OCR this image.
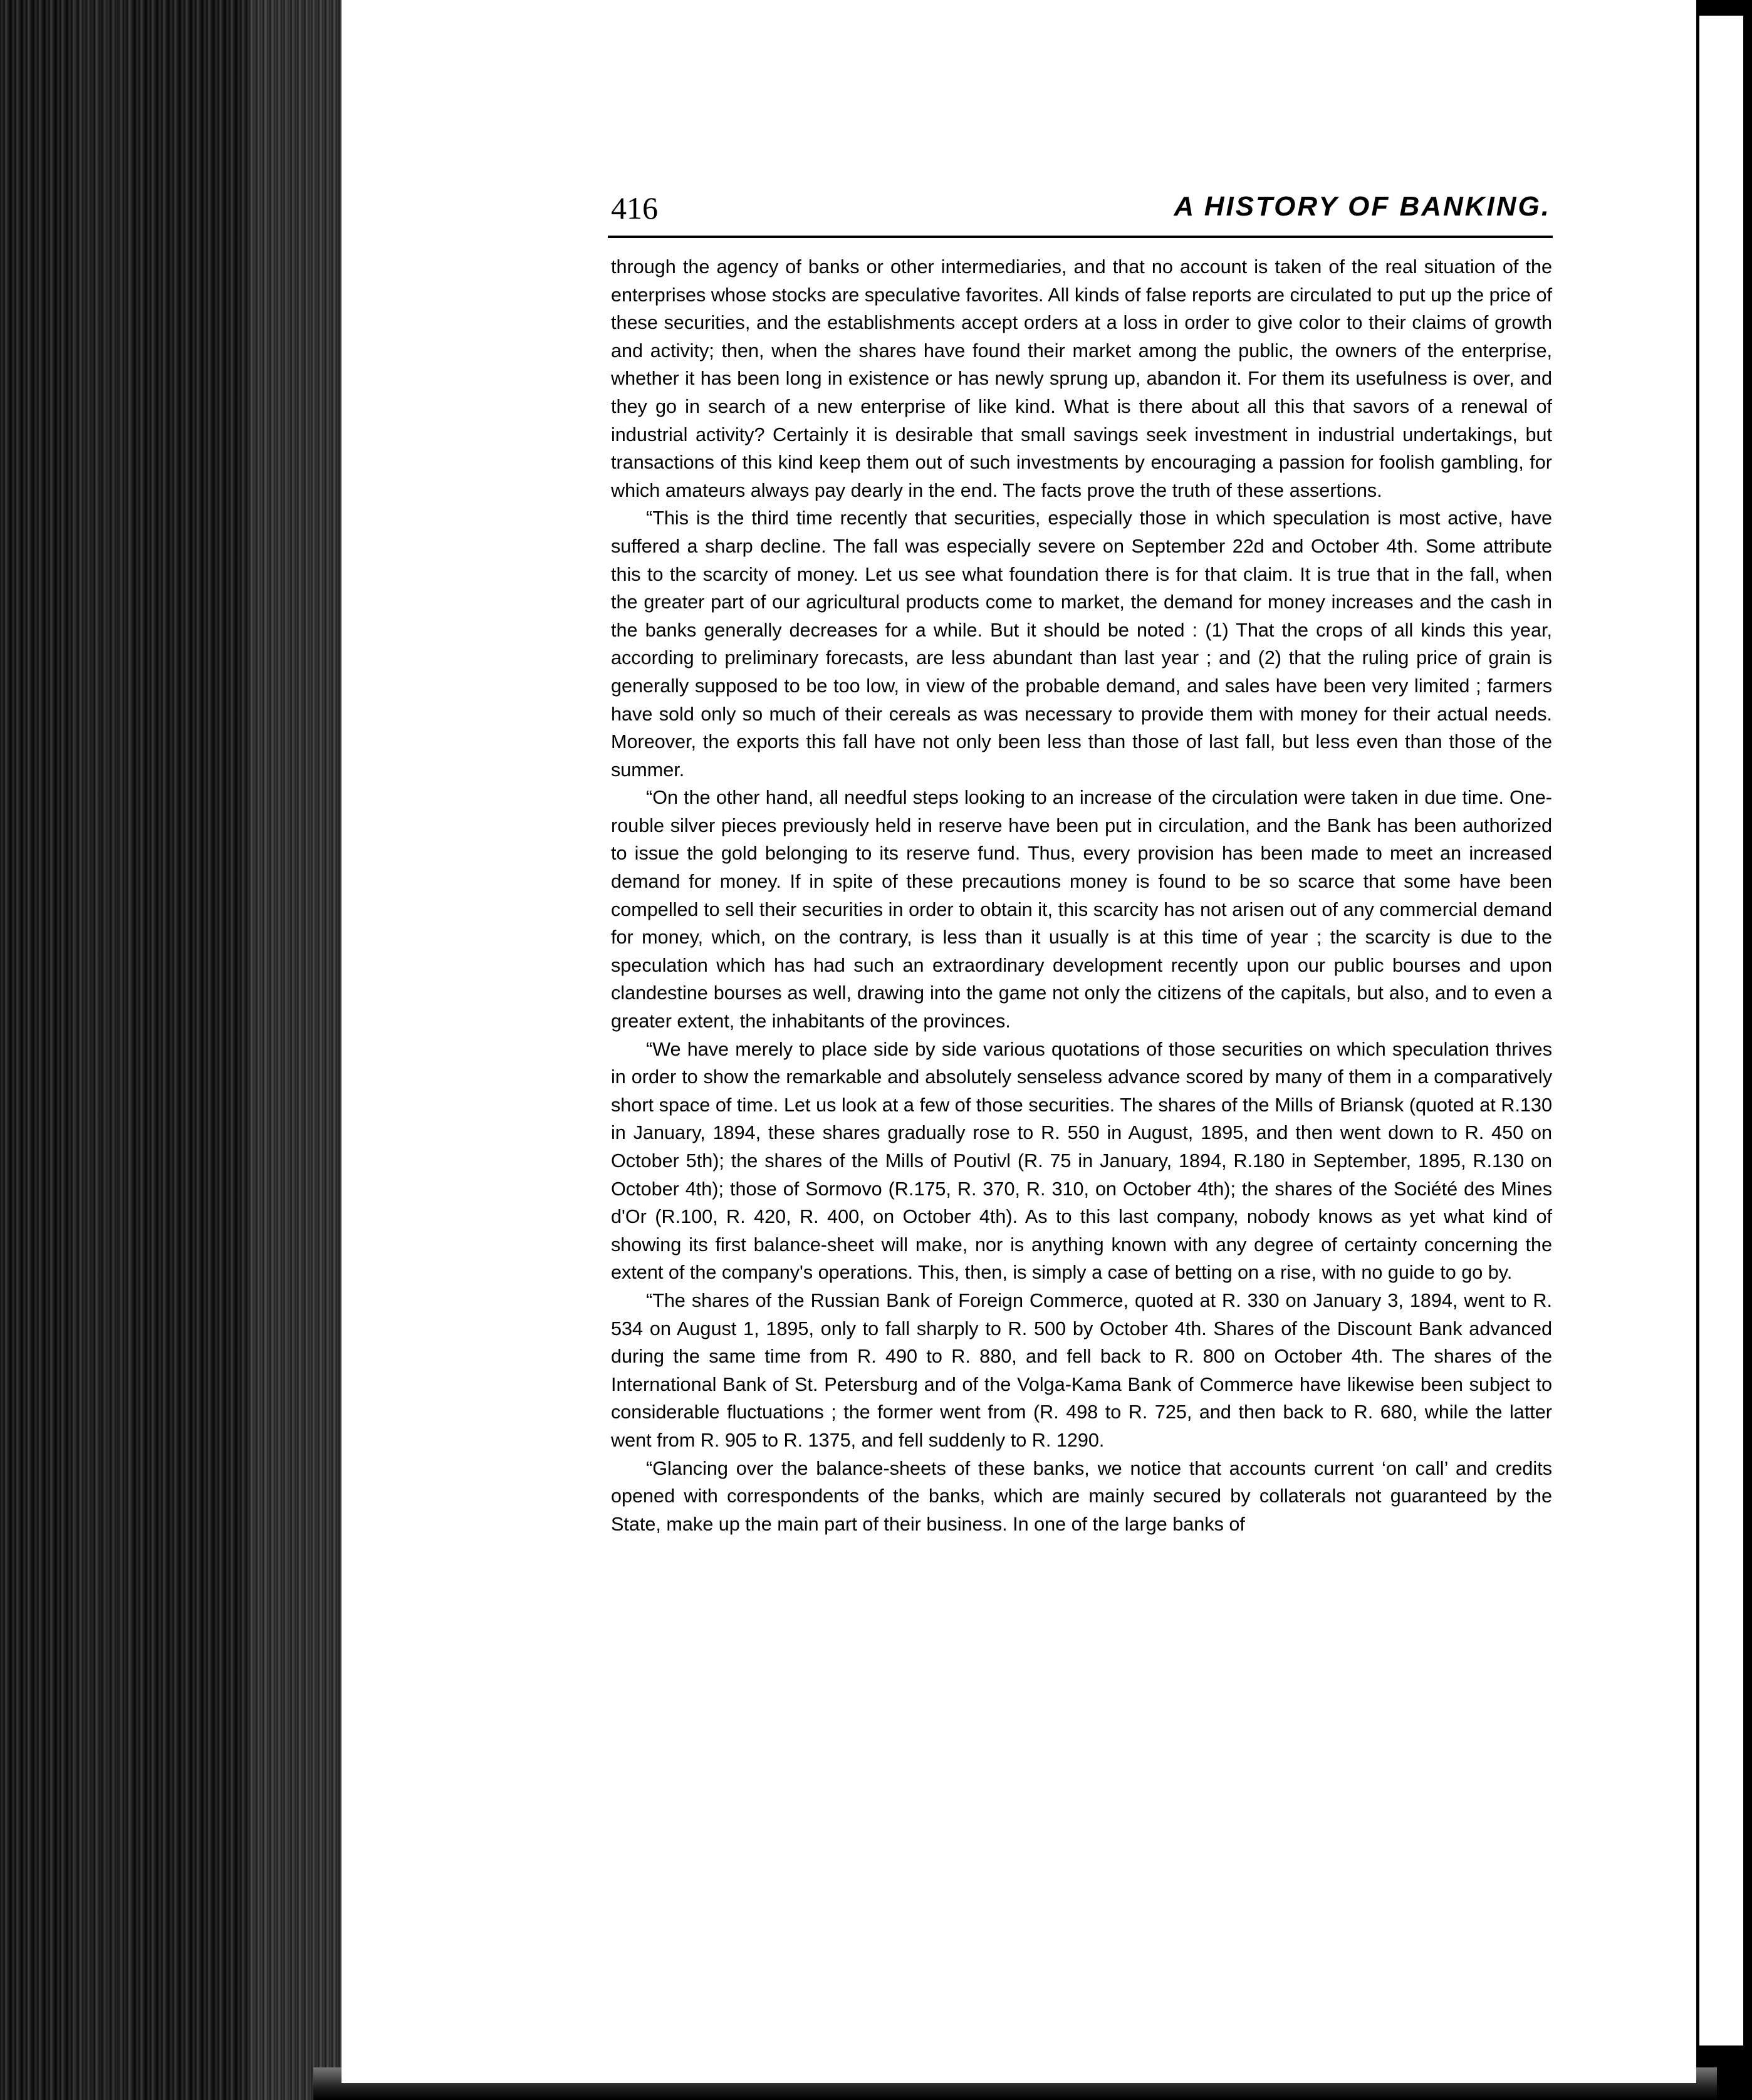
416	A HISTORY OF BANKING.

through the agency of banks or other intermediaries, and that no account is taken of the real situation of the enterprises whose stocks are speculative favorites. All kinds of false reports are circulated to put up the price of these securities, and the establishments accept orders at a loss in order to give color to their claims of growth and activity; then, when the shares have found their market among the public, the owners of the enterprise, whether it has been long in existence or has newly sprung up, abandon it. For them its usefulness is over, and they go in search of a new enterprise of like kind. What is there about all this that savors of a renewal of industrial activity? Certainly it is desirable that small savings seek investment in industrial undertakings, but transactions of this kind keep them out of such investments by encouraging a passion for foolish gambling, for which amateurs always pay dearly in the end. The facts prove the truth of these assertions.

“This is the third time recently that securities, especially those in which speculation is most active, have suffered a sharp decline. The fall was especially severe on September 22d and October 4th. Some attribute this to the scarcity of money. Let us see what foundation there is for that claim. It is true that in the fall, when the greater part of our agricultural products come to market, the demand for money increases and the cash in the banks generally decreases for a while. But it should be noted : (1) That the crops of all kinds this year, according to preliminary forecasts, are less abundant than last year ; and (2) that the ruling price of grain is generally supposed to be too low, in view of the probable demand, and sales have been very limited ; farmers have sold only so much of their cereals as was necessary to provide them with money for their actual needs. Moreover, the exports this fall have not only been less than those of last fall, but less even than those of the summer.

“On the other hand, all needful steps looking to an increase of the circulation were taken in due time. One-rouble silver pieces previously held in reserve have been put in circulation, and the Bank has been authorized to issue the gold belonging to its reserve fund. Thus, every provision has been made to meet an increased demand for money. If in spite of these precautions money is found to be so scarce that some have been compelled to sell their securities in order to obtain it, this scarcity has not arisen out of any commercial demand for money, which, on the contrary, is less than it usually is at this time of year ; the scarcity is due to the speculation which has had such an extraordinary development recently upon our public bourses and upon clandestine bourses as well, drawing into the game not only the citizens of the capitals, but also, and to even a greater extent, the inhabitants of the provinces.

“We have merely to place side by side various quotations of those securities on which speculation thrives in order to show the remarkable and absolutely senseless advance scored by many of them in a comparatively short space of time. Let us look at a few of those securities. The shares of the Mills of Briansk (quoted at R.130 in January, 1894, these shares gradually rose to R. 550 in August, 1895, and then went down to R. 450 on October 5th); the shares of the Mills of Poutivl (R. 75 in January, 1894, R.180 in September, 1895, R.130 on October 4th); those of Sormovo (R.175, R. 370, R. 310, on October 4th); the shares of the Société des Mines d'Or (R.100, R. 420, R. 400, on October 4th). As to this last company, nobody knows as yet what kind of showing its first balance-sheet will make, nor is anything known with any degree of certainty concerning the extent of the company's operations. This, then, is simply a case of betting on a rise, with no guide to go by.

“The shares of the Russian Bank of Foreign Commerce, quoted at R. 330 on January 3, 1894, went to R. 534 on August 1, 1895, only to fall sharply to R. 500 by October 4th. Shares of the Discount Bank advanced during the same time from R. 490 to R. 880, and fell back to R. 800 on October 4th. The shares of the International Bank of St. Petersburg and of the Volga-Kama Bank of Commerce have likewise been subject to considerable fluctuations ; the former went from (R. 498 to R. 725, and then back to R. 680, while the latter went from R. 905 to R. 1375, and fell suddenly to R. 1290.

“Glancing over the balance-sheets of these banks, we notice that accounts current ‘on call’ and credits opened with correspondents of the banks, which are mainly secured by collaterals not guaranteed by the State, make up the main part of their business. In one of the large banks of
